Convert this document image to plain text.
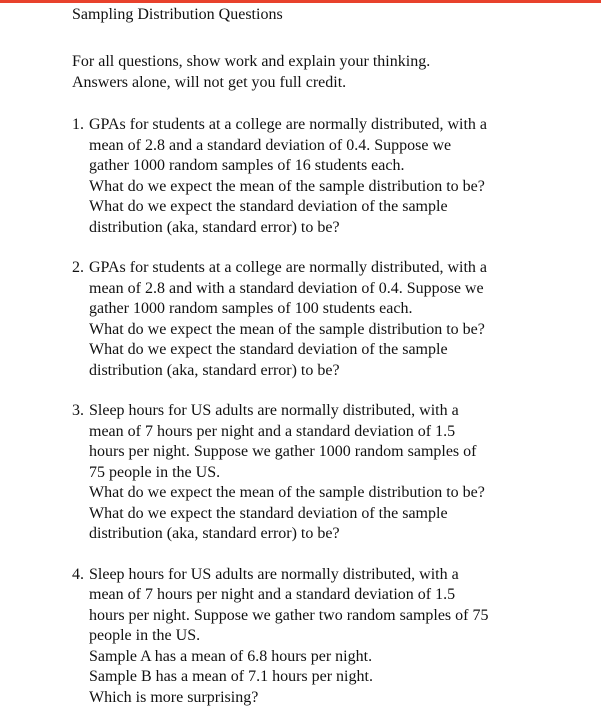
Sampling Distribution Questions
For all questions, show work and explain your thinking.
Answers alone, will not get you full credit.
1. GPAs for students at a college are normally distributed, with a
mean of 2.8 and a standard deviation of 0.4. Suppose we
gather 1000 random samples of 16 students each.
What do we expect the mean of the sample distribution to be?
What do we expect the standard deviation of the sample
distribution (aka, standard error) to be?
2. GPAs for students at a college are normally distributed, with a
mean of 2.8 and with a standard deviation of 0.4. Suppose we
gather 1000 random samples of 100 students each.
What do we expect the mean of the sample distribution to be?
What do we expect the standard deviation of the sample
distribution (aka, standard error) to be?
3. Sleep hours for US adults are normally distributed, with a
mean of 7 hours per night and a standard deviation of 1.5
hours per night. Suppose we gather 1000 random samples of
75 people in the US.
What do we expect the mean of the sample distribution to be?
What do we expect the standard deviation of the sample
distribution (aka, standard error) to be?
4. Sleep hours for US adults are normally distributed, with a
mean of 7 hours per night and a standard deviation of 1.5
hours per night. Suppose we gather two random samples of 75
people in the US.
Sample A has a mean of 6.8 hours per night.
Sample B has a mean of 7.1 hours per night.
Which is more surprising?
